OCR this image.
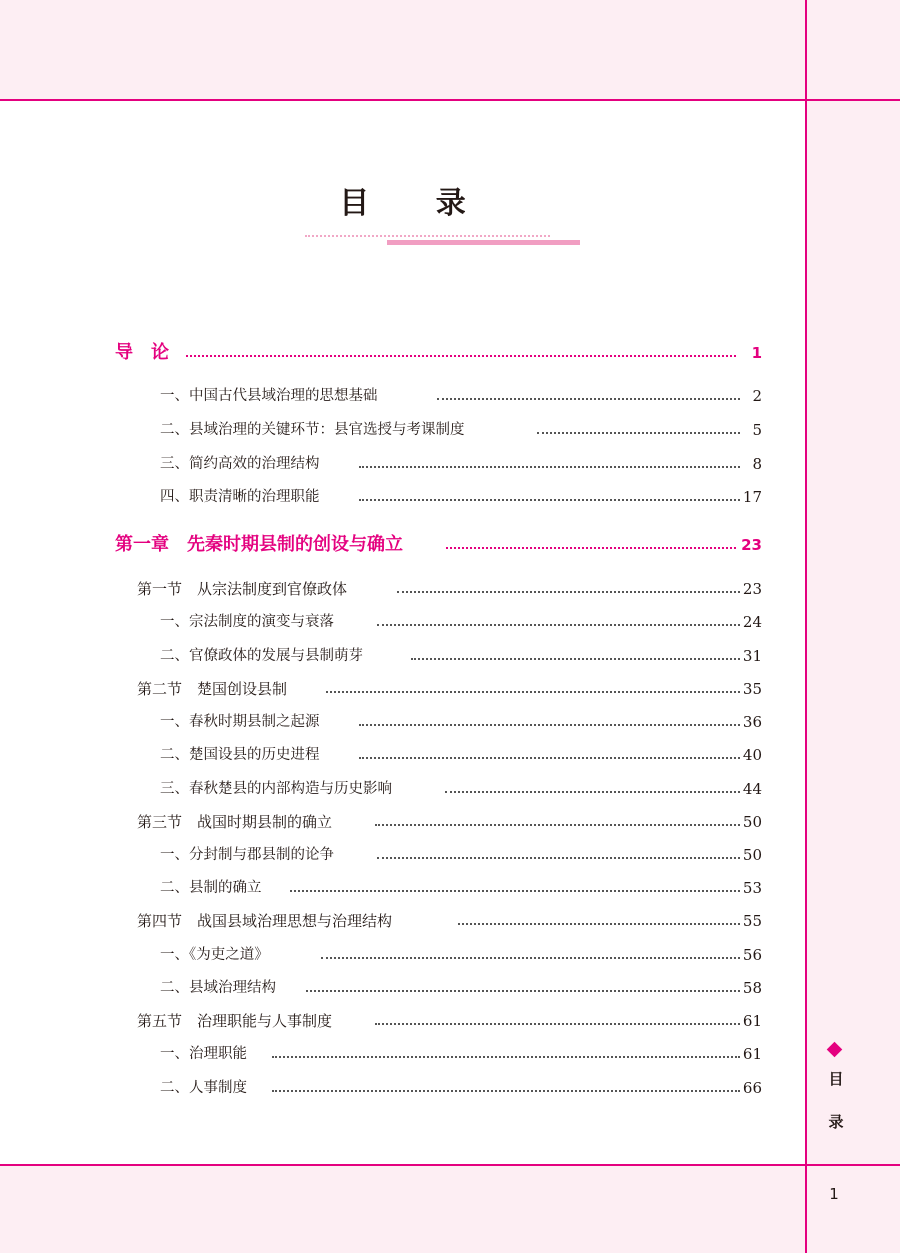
目 录
导　论	1
一、中国古代县域治理的思想基础	2
二、县域治理的关键环节：县官选授与考课制度	5
三、简约高效的治理结构	8
四、职责清晰的治理职能	17
第一章　先秦时期县制的创设与确立	23
第一节　从宗法制度到官僚政体	23
一、宗法制度的演变与衰落	24
二、官僚政体的发展与县制萌芽	31
第二节　楚国创设县制	35
一、春秋时期县制之起源	36
二、楚国设县的历史进程	40
三、春秋楚县的内部构造与历史影响	44
第三节　战国时期县制的确立	50
一、分封制与郡县制的论争	50
二、县制的确立	53
第四节　战国县域治理思想与治理结构	55
一、《为吏之道》	56
二、县域治理结构	58
第五节　治理职能与人事制度	61
一、治理职能	61
二、人事制度	66	目
录
1
